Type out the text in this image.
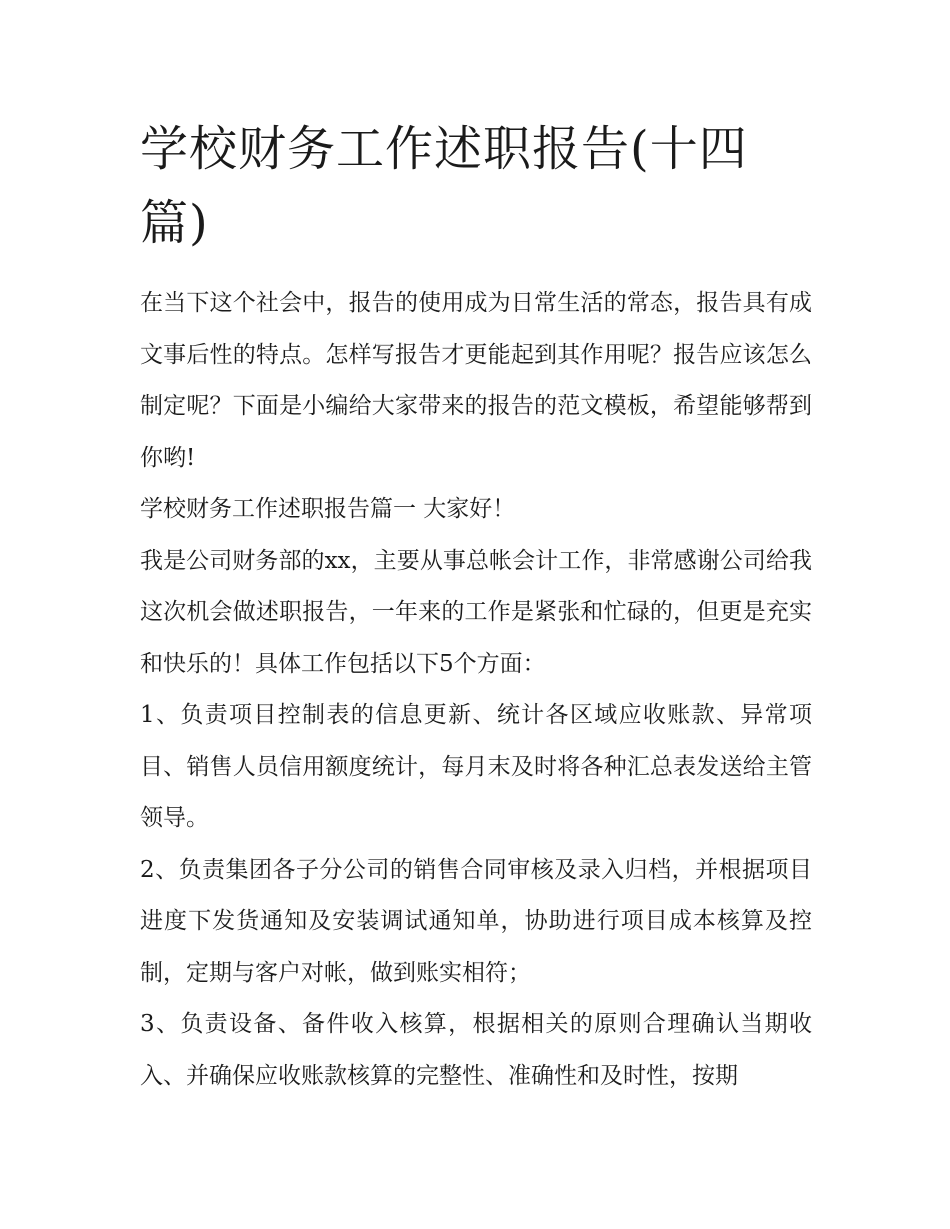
学校财务工作述职报告(十四篇)

在当下这个社会中，报告的使用成为日常生活的常态，报告具有成文事后性的特点。怎样写报告才更能起到其作用呢？报告应该怎么制定呢？下面是小编给大家带来的报告的范文模板，希望能够帮到你哟!

学校财务工作述职报告篇一 大家好！

我是公司财务部的xx，主要从事总帐会计工作，非常感谢公司给我这次机会做述职报告，一年来的工作是紧张和忙碌的，但更是充实和快乐的！具体工作包括以下5个方面：

1、负责项目控制表的信息更新、统计各区域应收账款、异常项目、销售人员信用额度统计，每月末及时将各种汇总表发送给主管领导。

2、负责集团各子分公司的销售合同审核及录入归档，并根据项目进度下发货通知及安装调试通知单，协助进行项目成本核算及控制，定期与客户对帐，做到账实相符；

3、负责设备、备件收入核算，根据相关的原则合理确认当期收入、并确保应收账款核算的完整性、准确性和及时性，按期
